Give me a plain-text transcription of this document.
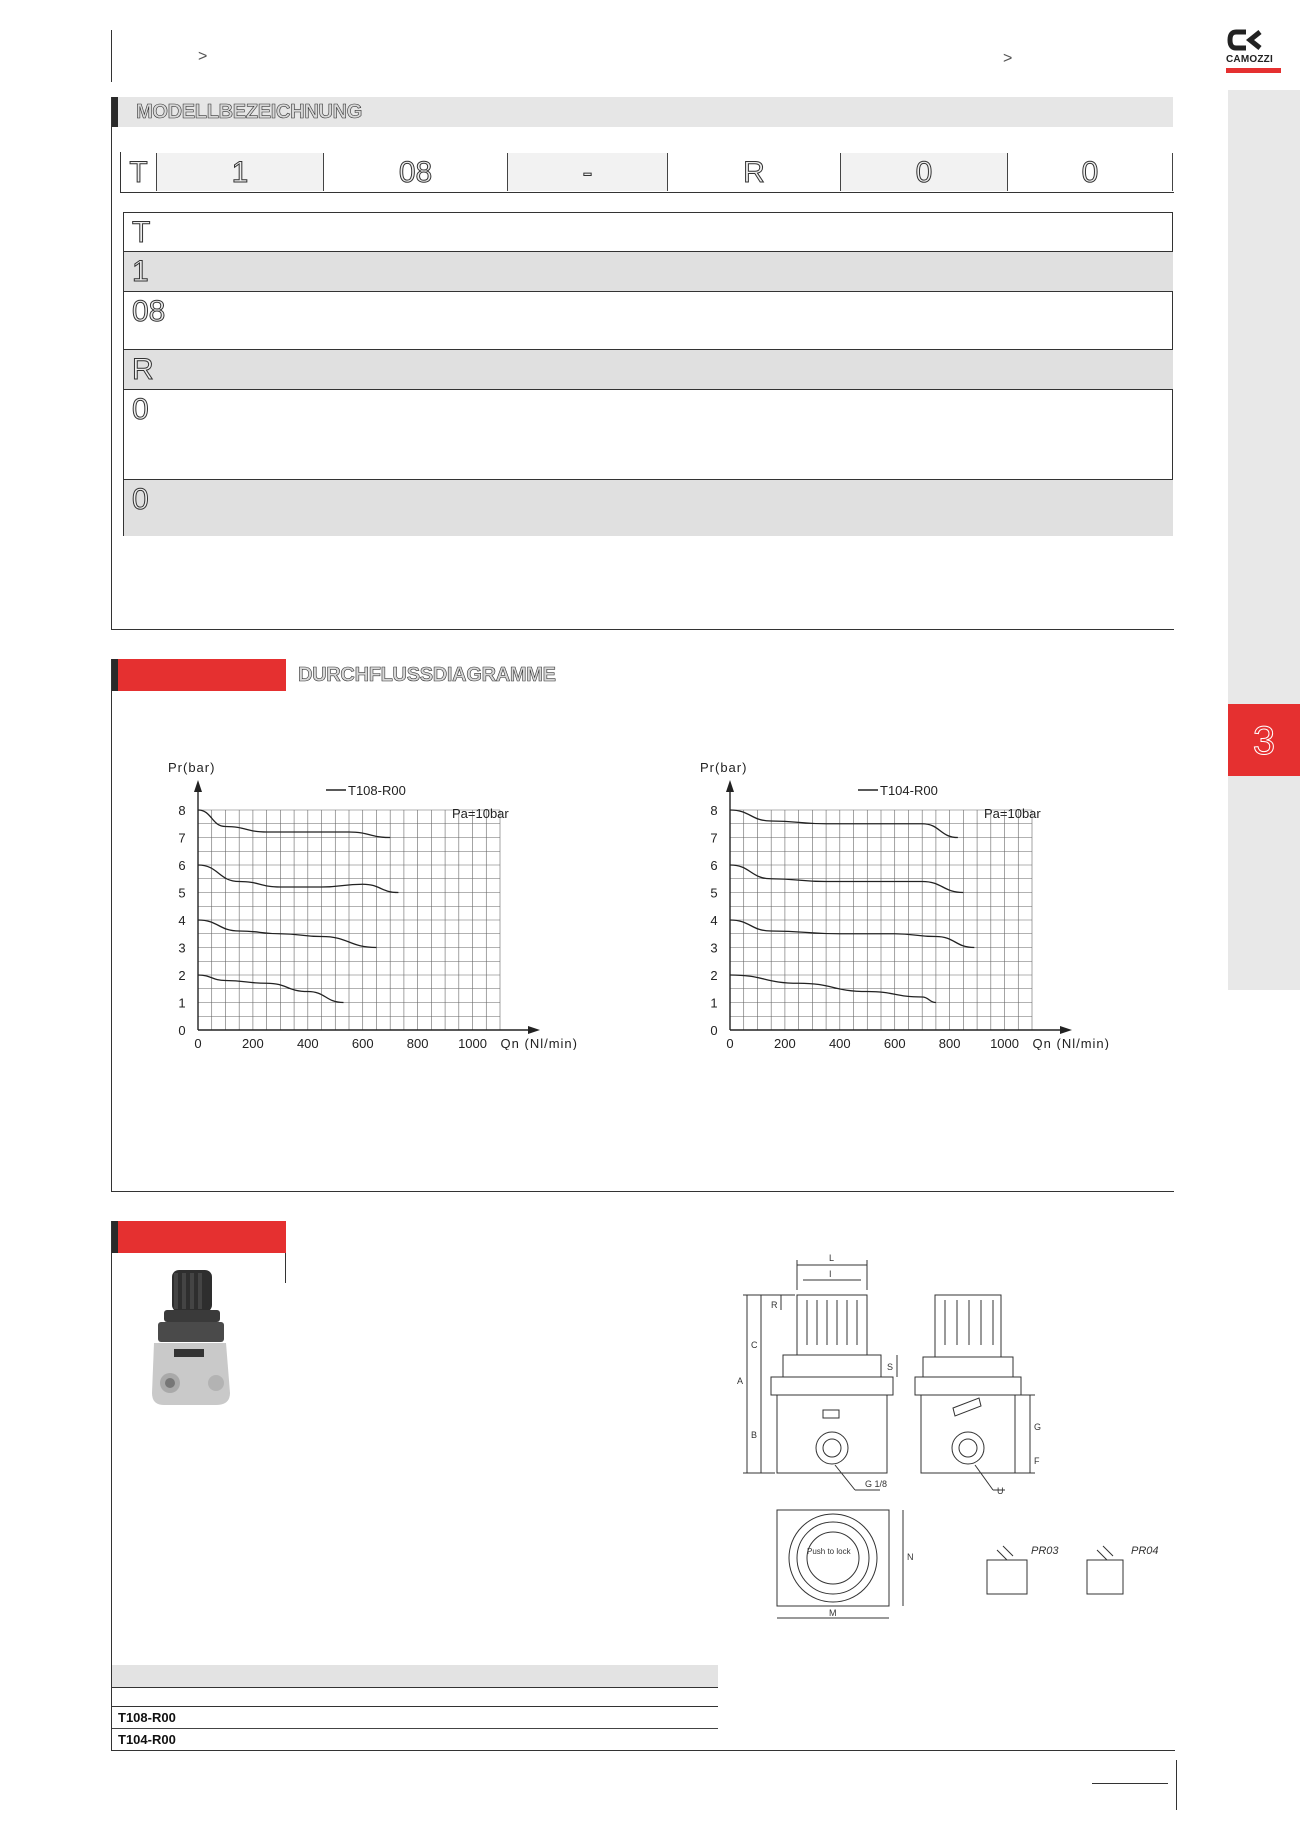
>	>	CAMOZZI
3
MODELLBEZEICHNUNG
T	1	08	-	R	0	0
T
1
08
R
0
0
DURCHFLUSSDIAGRAMME
0
1
2
3
4
5
6
7
8
0	200	400	600	800 1000
Pr(bar)
Qn (Nl/min)
T108-R00
Pa=10bar
0
1
2
3
4
5
6
7
8
0	200	400	600	800 1000
Pr(bar)
Qn (Nl/min)
T104-R00
Pa=10bar
L
I
R
C
A
B
S
G
F
U
N
M
G 1/8
Push to lock	PR03	PR04
T108-R00
T104-R00
